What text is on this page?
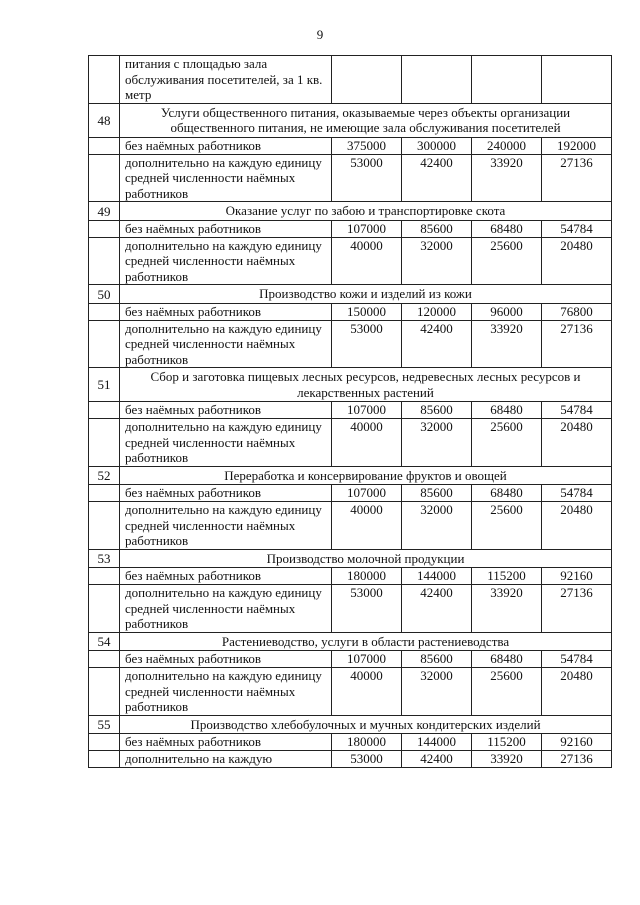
9
	питания с площадью зала обслуживания посетителей, за 1 кв. метр				
48	Услуги общественного питания, оказываемые через объекты организации общественного питания, не имеющие зала обслуживания посетителей				
	без наёмных работников	375000	300000	240000	192000
	дополнительно на каждую единицу средней численности наёмных работников	53000	42400	33920	27136
49	Оказание услуг по забою и транспортировке скота				
	без наёмных работников	107000	85600	68480	54784
	дополнительно на каждую единицу средней численности наёмных работников	40000	32000	25600	20480
50	Производство кожи и изделий из кожи				
	без наёмных работников	150000	120000	96000	76800
	дополнительно на каждую единицу средней численности наёмных работников	53000	42400	33920	27136
51	Сбор и заготовка пищевых лесных ресурсов, недревесных лесных ресурсов и лекарственных растений				
	без наёмных работников	107000	85600	68480	54784
	дополнительно на каждую единицу средней численности наёмных работников	40000	32000	25600	20480
52	Переработка и консервирование фруктов и овощей				
	без наёмных работников	107000	85600	68480	54784
	дополнительно на каждую единицу средней численности наёмных работников	40000	32000	25600	20480
53	Производство молочной продукции				
	без наёмных работников	180000	144000	115200	92160
	дополнительно на каждую единицу средней численности наёмных работников	53000	42400	33920	27136
54	Растениеводство, услуги в области растениеводства				
	без наёмных работников	107000	85600	68480	54784
	дополнительно на каждую единицу средней численности наёмных работников	40000	32000	25600	20480
55	Производство хлебобулочных и мучных кондитерских изделий				
	без наёмных работников	180000	144000	115200	92160
	дополнительно на каждую	53000	42400	33920	27136
